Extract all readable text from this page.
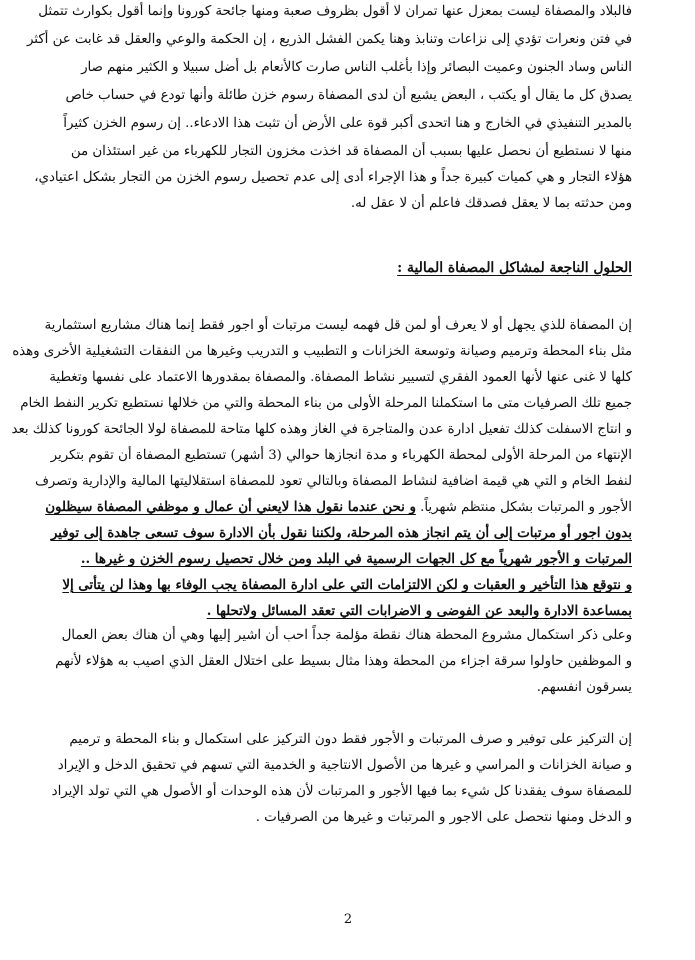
فالبلاد والمصفاة ليست بمعزل عنها تمران لا أقول بظروف صعبة ومنها جائحة كورونا وإنما أقول بكوارث تتمثل
في فتن ونعرات تؤدي إلى نزاعات وتنابذ وهنا يكمن الفشل الذريع ، إن الحكمة والوعي والعقل قد غابت عن أكثر
الناس وساد الجنون وعميت البصائر وإذا بأغلب الناس صارت كالأنعام بل أضل سبيلا و الكثير منهم صار
يصدق كل ما يقال أو يكتب ، البعض يشيع أن لدى المصفاة رسوم خزن طائلة وأنها تودع في حساب خاص
بالمدير التنفيذي في الخارج و هنا اتحدى أكبر قوة على الأرض أن تثبت هذا الادعاء.. إن رسوم الخزن كثيراً
منها لا نستطيع أن نحصل عليها بسبب أن المصفاة قد اخذت مخزون التجار للكهرباء من غير استئذان من
هؤلاء التجار و هي كميات كبيرة جداً و هذا الإجراء أدى إلى عدم تحصيل رسوم الخزن من التجار بشكل اعتيادي،
ومن حدثته بما لا يعقل فصدقك فاعلم أن لا عقل له.
الحلول الناجعة لمشاكل المصفاة المالية :
إن المصفاة للذي يجهل أو لا يعرف أو لمن قل فهمه ليست مرتبات أو اجور فقط إنما هناك مشاريع استثمارية
مثل بناء المحطة وترميم وصيانة وتوسعة الخزانات و التطبيب و التدريب وغيرها من النفقات التشغيلية الأخرى وهذه
كلها لا غنى عنها لأنها العمود الفقري لتسيير نشاط المصفاة. والمصفاة بمقدورها الاعتماد على نفسها وتغطية
جميع تلك الصرفيات متى ما استكملنا المرحلة الأولى من بناء المحطة والتي من خلالها نستطيع تكرير النفط الخام
و انتاج الاسفلت كذلك تفعيل ادارة عدن والمتاجرة في الغاز وهذه كلها متاحة للمصفاة لولا الجائحة كورونا كذلك بعد
الإنتهاء من المرحلة الأولى لمحطة الكهرباء و مدة انجازها حوالي (3 أشهر) تستطيع المصفاة أن تقوم بتكرير
لنفط الخام و التي هي قيمة اضافية لنشاط المصفاة وبالتالي تعود للمصفاة استقلاليتها المالية والإدارية وتصرف
الأجور و المرتبات بشكل منتظم شهرياً. و نحن عندما نقول هذا لايعني أن عمال و موظفي المصفاة سيظلون
بدون اجور أو مرتبات إلى أن يتم انجاز هذه المرحلة، ولكننا نقول بأن الادارة سوف تسعى جاهدة إلى توفير
المرتبات و الأجور شهرياً مع كل الجهات الرسمية في البلد ومن خلال تحصيل رسوم الخزن و غيرها ..
و نتوقع هذا التأخير و العقبات و لكن الالتزامات التي على ادارة المصفاة يجب الوفاء بها وهذا لن يتأتى إلا
بمساعدة الادارة والبعد عن الفوضى و الاضرابات التي تعقد المسائل ولاتحلها .
وعلى ذكر استكمال مشروع المحطة هناك نقطة مؤلمة جداً احب أن اشير إليها وهي أن هناك بعض العمال
و الموظفين حاولوا سرقة اجزاء من المحطة وهذا مثال بسيط على اختلال العقل الذي اصيب به هؤلاء لأنهم
يسرقون انفسهم.
إن التركيز على توفير و صرف المرتبات و الأجور فقط دون التركيز على استكمال و بناء المحطة و ترميم
و صيانة الخزانات و المراسي و غيرها من الأصول الانتاجية و الخدمية التي تسهم في تحقيق الدخل و الإيراد
للمصفاة سوف يفقدنا كل شيء بما فيها الأجور و المرتبات لأن هذه الوحدات أو الأصول هي التي تولد الإيراد
و الدخل ومنها نتحصل على الاجور و المرتبات و غيرها من الصرفيات .
2
